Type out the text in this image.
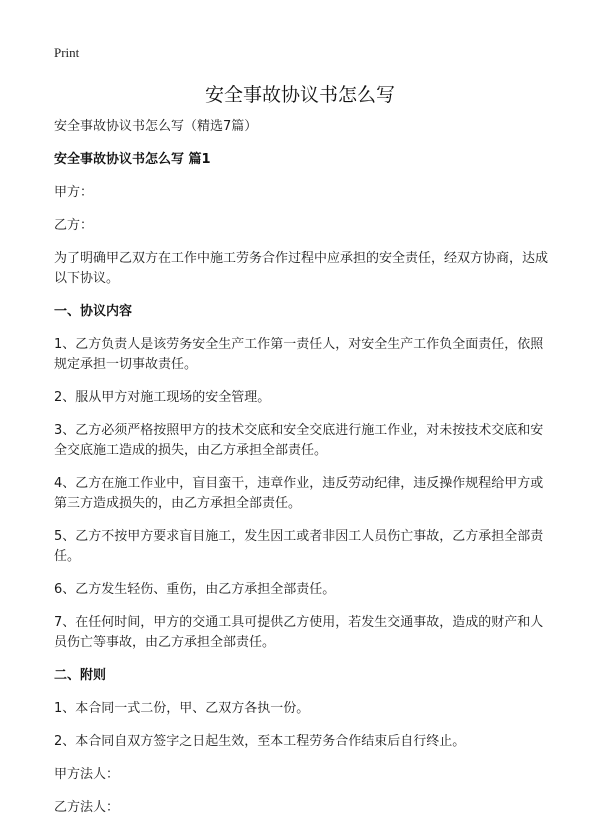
Print
安全事故协议书怎么写

安全事故协议书怎么写（精选7篇）

安全事故协议书怎么写 篇1

甲方：

乙方：

为了明确甲乙双方在工作中施工劳务合作过程中应承担的安全责任，经双方协商，达成以下协议。

一、协议内容

1、乙方负责人是该劳务安全生产工作第一责任人，对安全生产工作负全面责任，依照规定承担一切事故责任。

2、服从甲方对施工现场的安全管理。

3、乙方必须严格按照甲方的技术交底和安全交底进行施工作业，对未按技术交底和安全交底施工造成的损失，由乙方承担全部责任。

4、乙方在施工作业中，盲目蛮干，违章作业，违反劳动纪律，违反操作规程给甲方或第三方造成损失的，由乙方承担全部责任。

5、乙方不按甲方要求盲目施工，发生因工或者非因工人员伤亡事故，乙方承担全部责任。

6、乙方发生轻伤、重伤，由乙方承担全部责任。

7、在任何时间，甲方的交通工具可提供乙方使用，若发生交通事故，造成的财产和人员伤亡等事故，由乙方承担全部责任。

二、附则

1、本合同一式二份，甲、乙双方各执一份。

2、本合同自双方签字之日起生效，至本工程劳务合作结束后自行终止。

甲方法人：

乙方法人：
